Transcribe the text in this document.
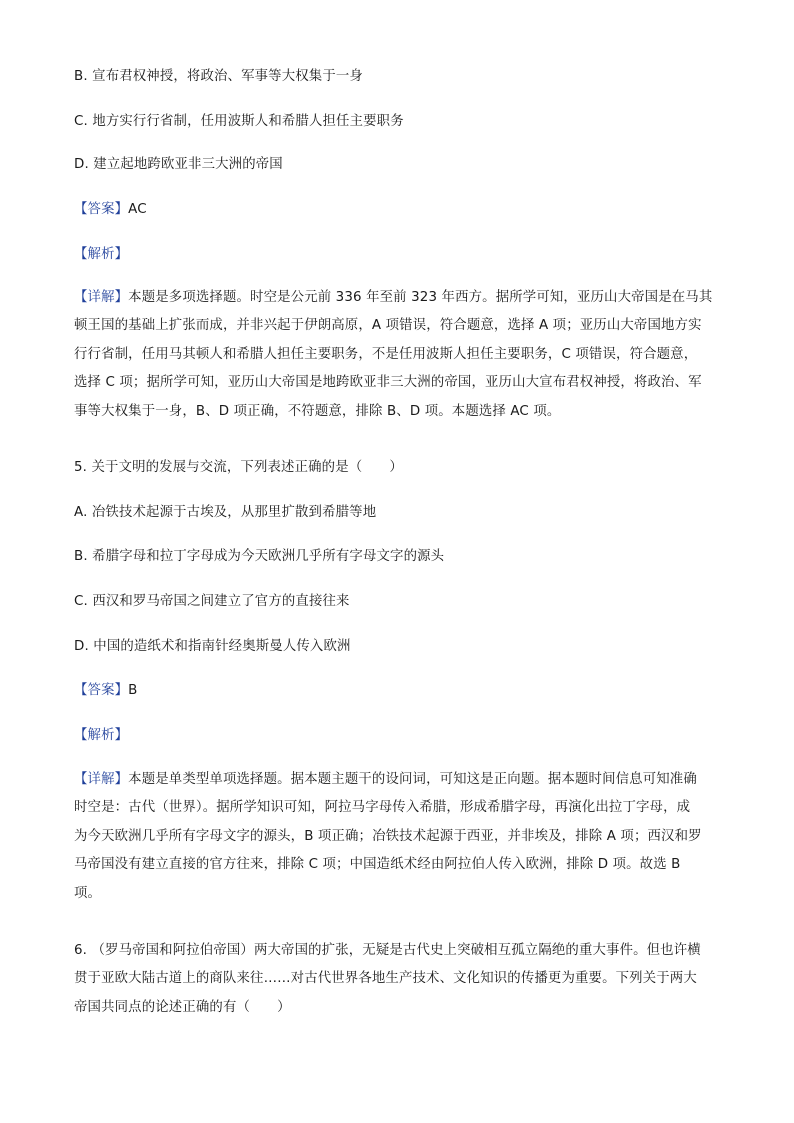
B. 宣布君权神授，将政治、军事等大权集于一身
C. 地方实行行省制，任用波斯人和希腊人担任主要职务
D. 建立起地跨欧亚非三大洲的帝国
【答案】AC
【解析】
【详解】本题是多项选择题。时空是公元前 336 年至前 323 年西方。据所学可知，亚历山大帝国是在马其
顿王国的基础上扩张而成，并非兴起于伊朗高原，A 项错误，符合题意，选择 A 项；亚历山大帝国地方实
行行省制，任用马其顿人和希腊人担任主要职务，不是任用波斯人担任主要职务，C 项错误，符合题意，
选择 C 项；据所学可知，亚历山大帝国是地跨欧亚非三大洲的帝国，亚历山大宣布君权神授，将政治、军
事等大权集于一身，B、D 项正确，不符题意，排除 B、D 项。本题选择 AC 项。
5. 关于文明的发展与交流，下列表述正确的是（　　）
A. 冶铁技术起源于古埃及，从那里扩散到希腊等地
B. 希腊字母和拉丁字母成为今天欧洲几乎所有字母文字的源头
C. 西汉和罗马帝国之间建立了官方的直接往来
D. 中国的造纸术和指南针经奥斯曼人传入欧洲
【答案】B
【解析】
【详解】本题是单类型单项选择题。据本题主题干的设问词，可知这是正向题。据本题时间信息可知准确
时空是：古代（世界）。据所学知识可知，阿拉马字母传入希腊，形成希腊字母，再演化出拉丁字母，成
为今天欧洲几乎所有字母文字的源头，B 项正确；冶铁技术起源于西亚，并非埃及，排除 A 项；西汉和罗
马帝国没有建立直接的官方往来，排除 C 项；中国造纸术经由阿拉伯人传入欧洲，排除 D 项。故选 B
项。
6. （罗马帝国和阿拉伯帝国）两大帝国的扩张，无疑是古代史上突破相互孤立隔绝的重大事件。但也许横
贯于亚欧大陆古道上的商队来往……对古代世界各地生产技术、文化知识的传播更为重要。下列关于两大
帝国共同点的论述正确的有（　　）
